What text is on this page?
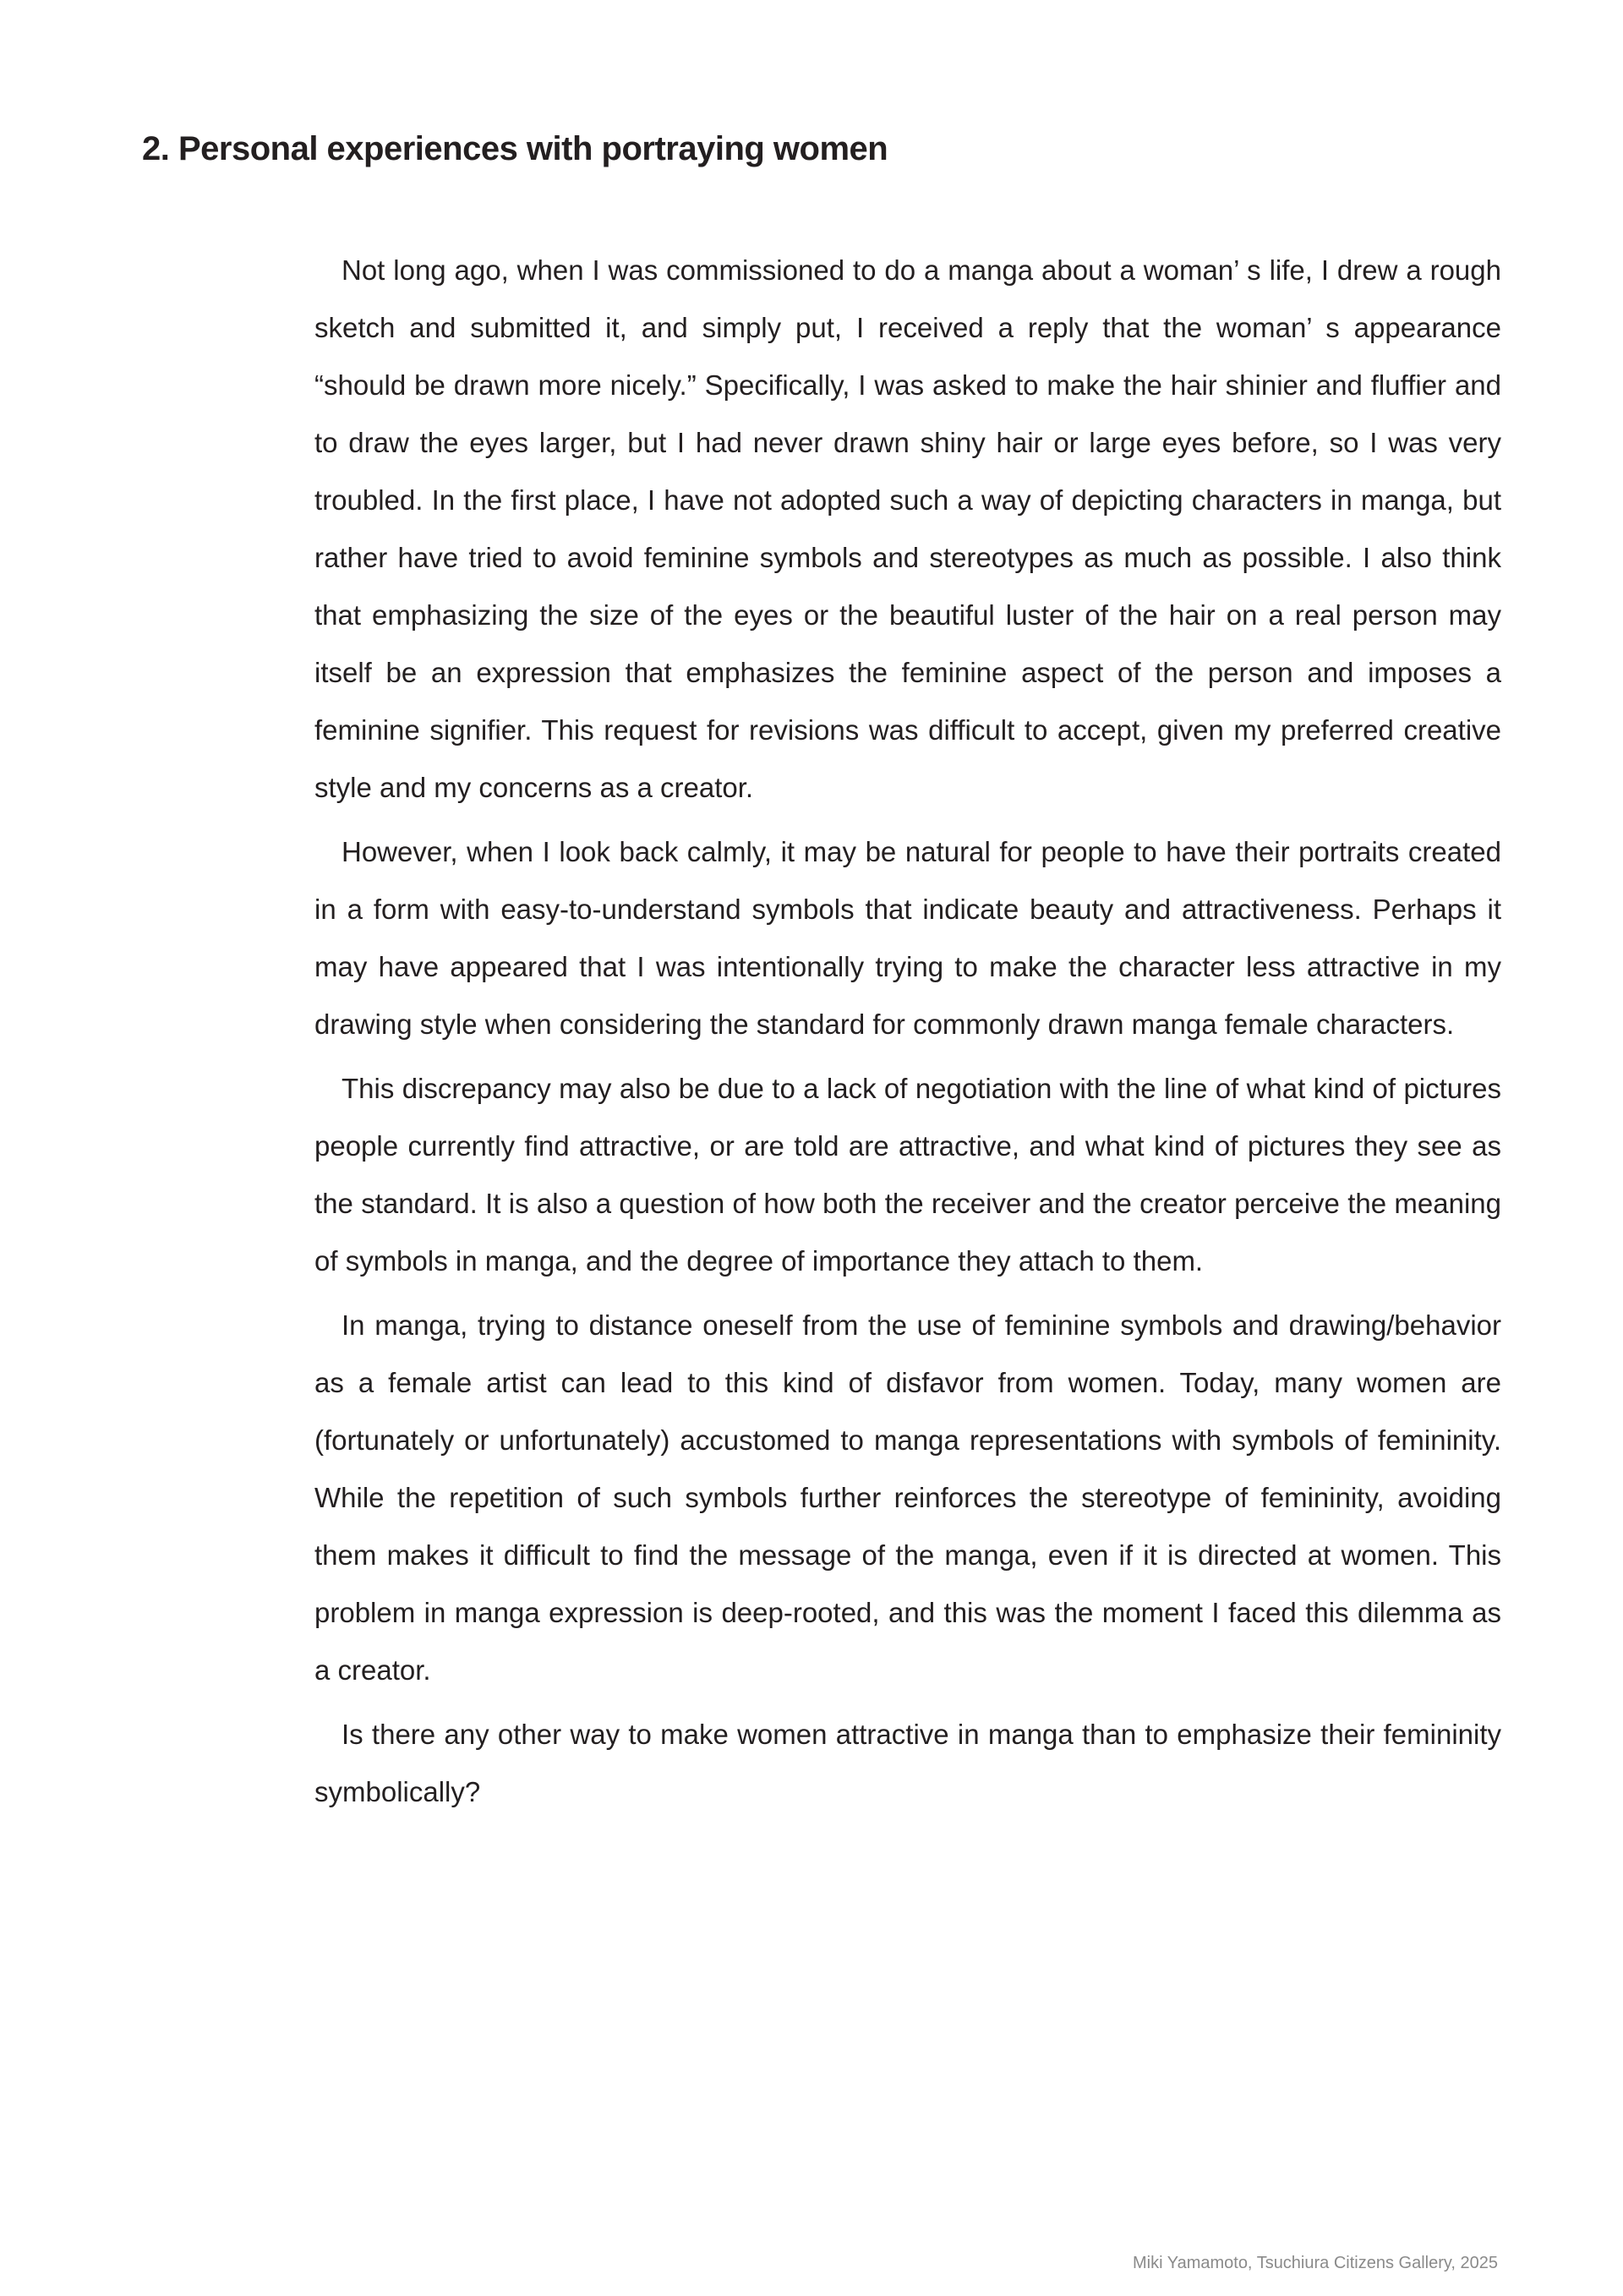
2. Personal experiences with portraying women

Not long ago, when I was commissioned to do a manga about a woman’ s life, I drew a rough sketch and submitted it, and simply put, I received a reply that the woman’ s appearance “should be drawn more nicely.” Specifically, I was asked to make the hair shinier and fluffier and to draw the eyes larger, but I had never drawn shiny hair or large eyes before, so I was very troubled. In the first place, I have not adopted such a way of depicting characters in manga, but rather have tried to avoid feminine symbols and stereotypes as much as possible. I also think that emphasizing the size of the eyes or the beautiful luster of the hair on a real person may itself be an expression that emphasizes the feminine aspect of the person and imposes a feminine signifier. This request for revisions was difficult to accept, given my preferred creative style and my concerns as a creator.

However, when I look back calmly, it may be natural for people to have their portraits created in a form with easy-to-understand symbols that indicate beauty and attractiveness. Perhaps it may have appeared that I was intentionally trying to make the character less attractive in my drawing style when considering the standard for commonly drawn manga female characters.

This discrepancy may also be due to a lack of negotiation with the line of what kind of pictures people currently find attractive, or are told are attractive, and what kind of pictures they see as the standard. It is also a question of how both the receiver and the creator perceive the meaning of symbols in manga, and the degree of importance they attach to them.

In manga, trying to distance oneself from the use of feminine symbols and drawing/behavior as a female artist can lead to this kind of disfavor from women. Today, many women are (fortunately or unfortunately) accustomed to manga representations with symbols of femininity. While the repetition of such symbols further reinforces the stereotype of femininity, avoiding them makes it difficult to find the message of the manga, even if it is directed at women. This problem in manga expression is deep-rooted, and this was the moment I faced this dilemma as a creator.

Is there any other way to make women attractive in manga than to emphasize their femininity symbolically?

Miki Yamamoto, Tsuchiura Citizens Gallery, 2025
